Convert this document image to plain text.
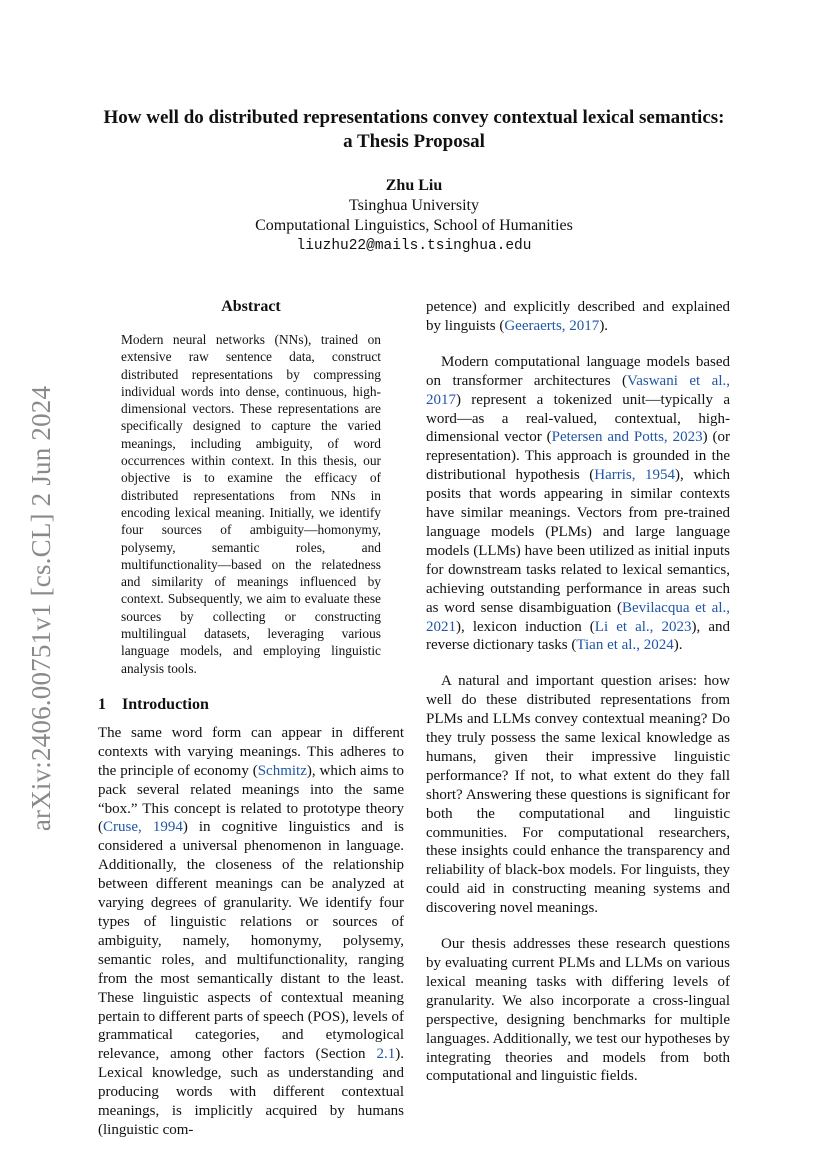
arXiv:2406.00751v1 [cs.CL] 2 Jun 2024
How well do distributed representations convey contextual lexical semantics: a Thesis Proposal
Zhu Liu
Tsinghua University
Computational Linguistics, School of Humanities
liuzhu22@mails.tsinghua.edu
Abstract

Modern neural networks (NNs), trained on extensive raw sentence data, construct distributed representations by compressing individual words into dense, continuous, high-dimensional vectors. These representations are specifically designed to capture the varied meanings, including ambiguity, of word occurrences within context. In this thesis, our objective is to examine the efficacy of distributed representations from NNs in encoding lexical meaning. Initially, we identify four sources of ambiguity—homonymy, polysemy, semantic roles, and multifunctionality—based on the relatedness and similarity of meanings influenced by context. Subsequently, we aim to evaluate these sources by collecting or constructing multilingual datasets, leveraging various language models, and employing linguistic analysis tools.

1 Introduction

The same word form can appear in different contexts with varying meanings. This adheres to the principle of economy (Schmitz), which aims to pack several related meanings into the same “box.” This concept is related to prototype theory (Cruse, 1994) in cognitive linguistics and is considered a universal phenomenon in language. Additionally, the closeness of the relationship between different meanings can be analyzed at varying degrees of granularity. We identify four types of linguistic relations or sources of ambiguity, namely, homonymy, polysemy, semantic roles, and multifunctionality, ranging from the most semantically distant to the least. These linguistic aspects of contextual meaning pertain to different parts of speech (POS), levels of grammatical categories, and etymological relevance, among other factors (Section 2.1). Lexical knowledge, such as understanding and producing words with different contextual meanings, is implicitly acquired by humans (linguistic com-

petence) and explicitly described and explained by linguists (Geeraerts, 2017).

Modern computational language models based on transformer architectures (Vaswani et al., 2017) represent a tokenized unit—typically a word—as a real-valued, contextual, high-dimensional vector (Petersen and Potts, 2023) (or representation). This approach is grounded in the distributional hypothesis (Harris, 1954), which posits that words appearing in similar contexts have similar meanings. Vectors from pre-trained language models (PLMs) and large language models (LLMs) have been utilized as initial inputs for downstream tasks related to lexical semantics, achieving outstanding performance in areas such as word sense disambiguation (Bevilacqua et al., 2021), lexicon induction (Li et al., 2023), and reverse dictionary tasks (Tian et al., 2024).

A natural and important question arises: how well do these distributed representations from PLMs and LLMs convey contextual meaning? Do they truly possess the same lexical knowledge as humans, given their impressive linguistic performance? If not, to what extent do they fall short? Answering these questions is significant for both the computational and linguistic communities. For computational researchers, these insights could enhance the transparency and reliability of black-box models. For linguists, they could aid in constructing meaning systems and discovering novel meanings.

Our thesis addresses these research questions by evaluating current PLMs and LLMs on various lexical meaning tasks with differing levels of granularity. We also incorporate a cross-lingual perspective, designing benchmarks for multiple languages. Additionally, we test our hypotheses by integrating theories and models from both computational and linguistic fields.
